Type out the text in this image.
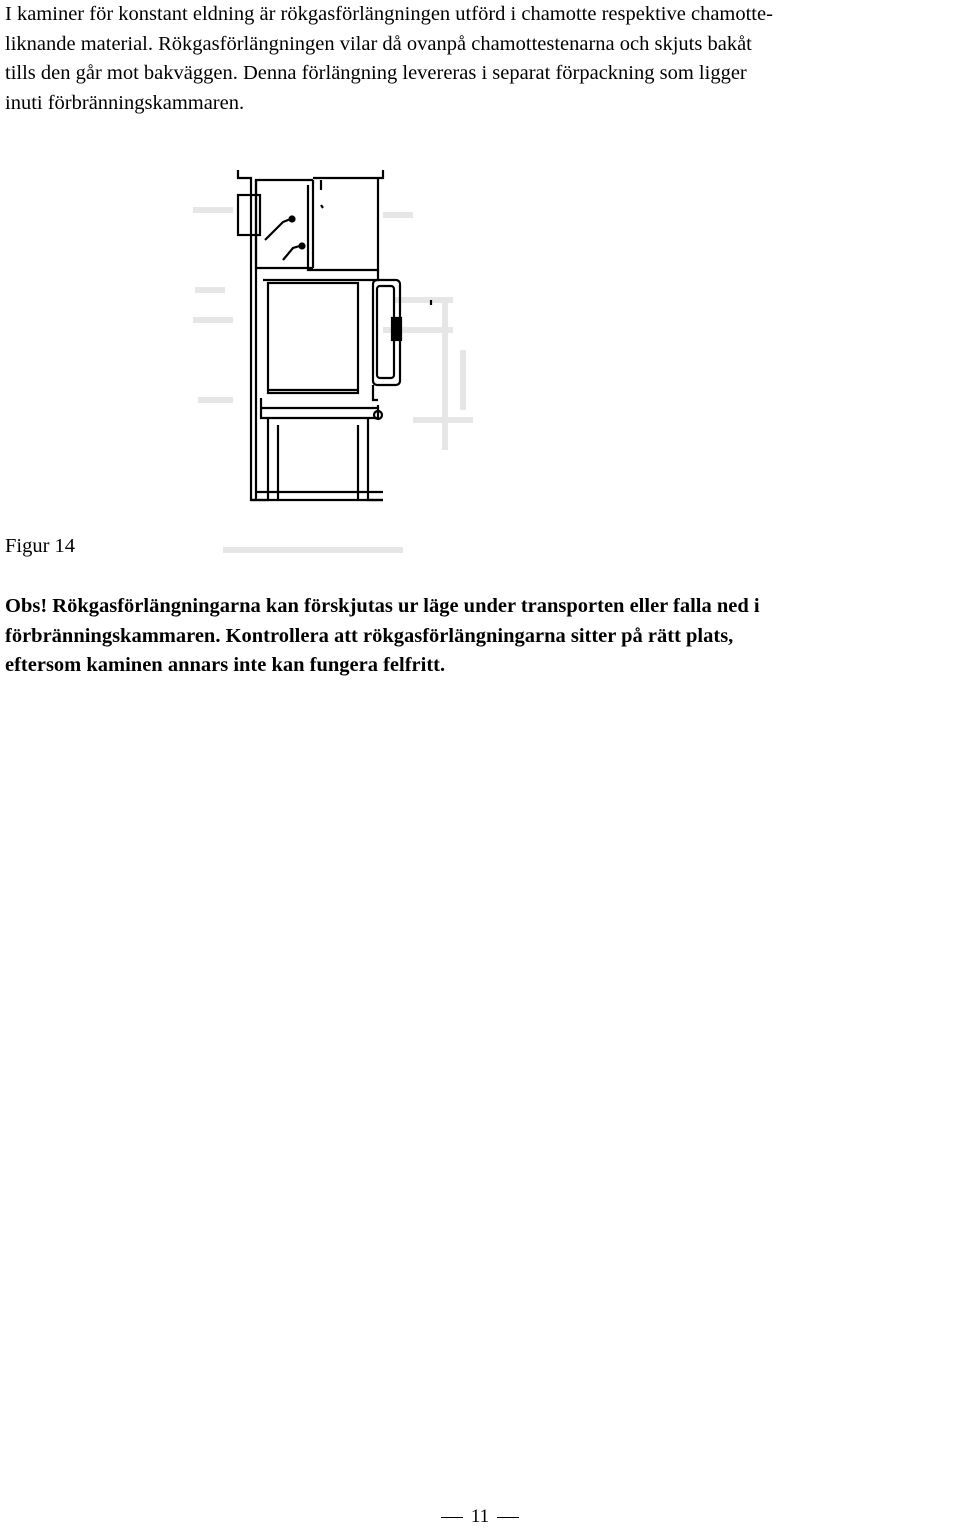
I kaminer för konstant eldning är rökgasförlängningen utförd i chamotte respektive chamotte-
liknande material. Rökgasförlängningen vilar då ovanpå chamottestenarna och skjuts bakåt
tills den går mot bakväggen. Denna förlängning levereras i separat förpackning som ligger
inuti förbränningskammaren.
Figur 14
Obs! Rökgasförlängningarna kan förskjutas ur läge under transporten eller falla ned i
förbränningskammaren. Kontrollera att rökgasförlängningarna sitter på rätt plats,
eftersom kaminen annars inte kan fungera felfritt.
11
